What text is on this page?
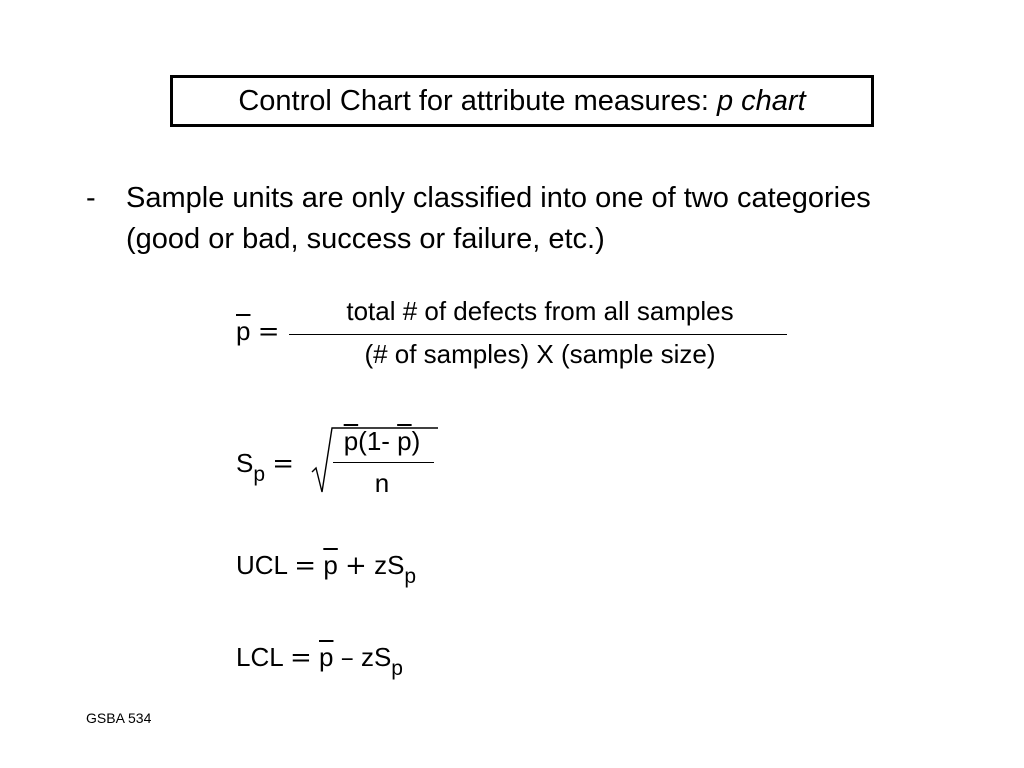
Control Chart for attribute measures: p chart
- Sample units are only classified into one of two categories (good or bad, success or failure, etc.)
$\overline{p}$ =
total # of defects from all samples
(# of samples) X (sample size)
$S_p$ =
$\overline{p}(1-$ $\overline{p}$)
n
UCL = $\overline{p} + zS_p$
LCL = $\overline{p} - zS_p$
GSBA 534
